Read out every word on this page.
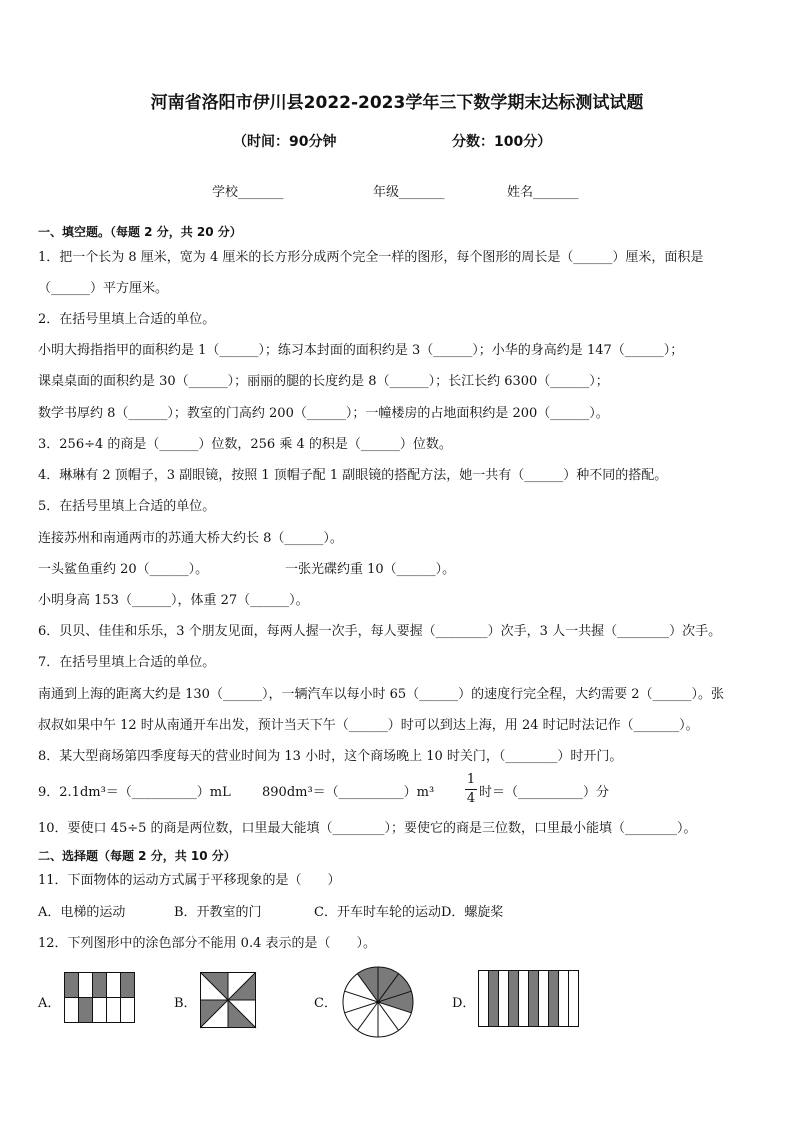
河南省洛阳市伊川县2022-2023学年三下数学期末达标测试试题
（时间：90分钟	分数：100分）
学校_______	年级_______	姓名_______
一、填空题。（每题 2 分，共 20 分）
1．把一个长为 8 厘米，宽为 4 厘米的长方形分成两个完全一样的图形，每个图形的周长是（______）厘米，面积是
（______）平方厘米。
2．在括号里填上合适的单位。
小明大拇指指甲的面积约是 1（______）；练习本封面的面积约是 3（______）；小华的身高约是 147（______）；
课桌桌面的面积约是 30（______）；丽丽的腿的长度约是 8（______）；长江长约 6300（______）；
数学书厚约 8（______）；教室的门高约 200（______）；一幢楼房的占地面积约是 200（______）。
3．256÷4 的商是（______）位数，256 乘 4 的积是（______）位数。
4．琳琳有 2 顶帽子，3 副眼镜，按照 1 顶帽子配 1 副眼镜的搭配方法，她一共有（______）种不同的搭配。
5．在括号里填上合适的单位。
连接苏州和南通两市的苏通大桥大约长 8（______）。
一头鲨鱼重约 20（______）。	一张光碟约重 10（______）。
小明身高 153（______），体重 27（______）。
6．贝贝、佳佳和乐乐，3 个朋友见面，每两人握一次手，每人要握（________）次手，3 人一共握（________）次手。
7．在括号里填上合适的单位。
南通到上海的距离大约是 130（______），一辆汽车以每小时 65（______）的速度行完全程，大约需要 2（______）。张
叔叔如果中午 12 时从南通开车出发，预计当天下午（______）时可以到达上海，用 24 时记时法记作（_______）。
8．某大型商场第四季度每天的营业时间为 13 小时，这个商场晚上 10 时关门，（________）时开门。
9．2.1dm³＝（__________）mL 890dm³＝（__________）m³
1
4 时＝（__________）分
10．要使口 45÷5 的商是两位数，口里最大能填（________）；要使它的商是三位数，口里最小能填（________）。
二、选择题（每题 2 分，共 10 分）
11．下面物体的运动方式属于平移现象的是（　　）
A．电梯的运动	B．开教室的门	C．开车时车轮的运动D．螺旋桨
12．下列图形中的涂色部分不能用 0.4 表示的是（　　）。
A．	B．	C．	D．
